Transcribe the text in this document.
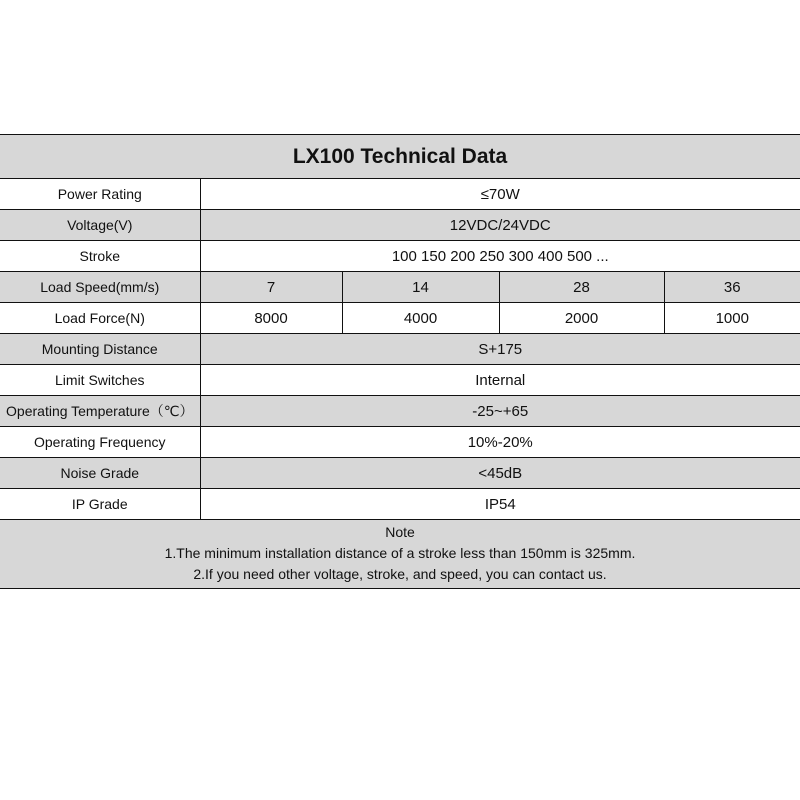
LX100 Technical Data				
Power Rating	≤70W			
Voltage(V)	12VDC/24VDC			
Stroke	100 150 200 250 300 400 500 ...			
Load Speed(mm/s)	7	14	28	36
Load Force(N)	8000	4000	2000	1000
Mounting Distance	S+175			
Limit Switches	Internal			
Operating Temperature（℃）	-25~+65			
Operating Frequency	10%-20%			
Noise Grade	<45dB			
IP Grade	IP54			

Note
1.The minimum installation distance of a stroke less than 150mm is 325mm.
2.If you need other voltage, stroke, and speed, you can contact us.				
